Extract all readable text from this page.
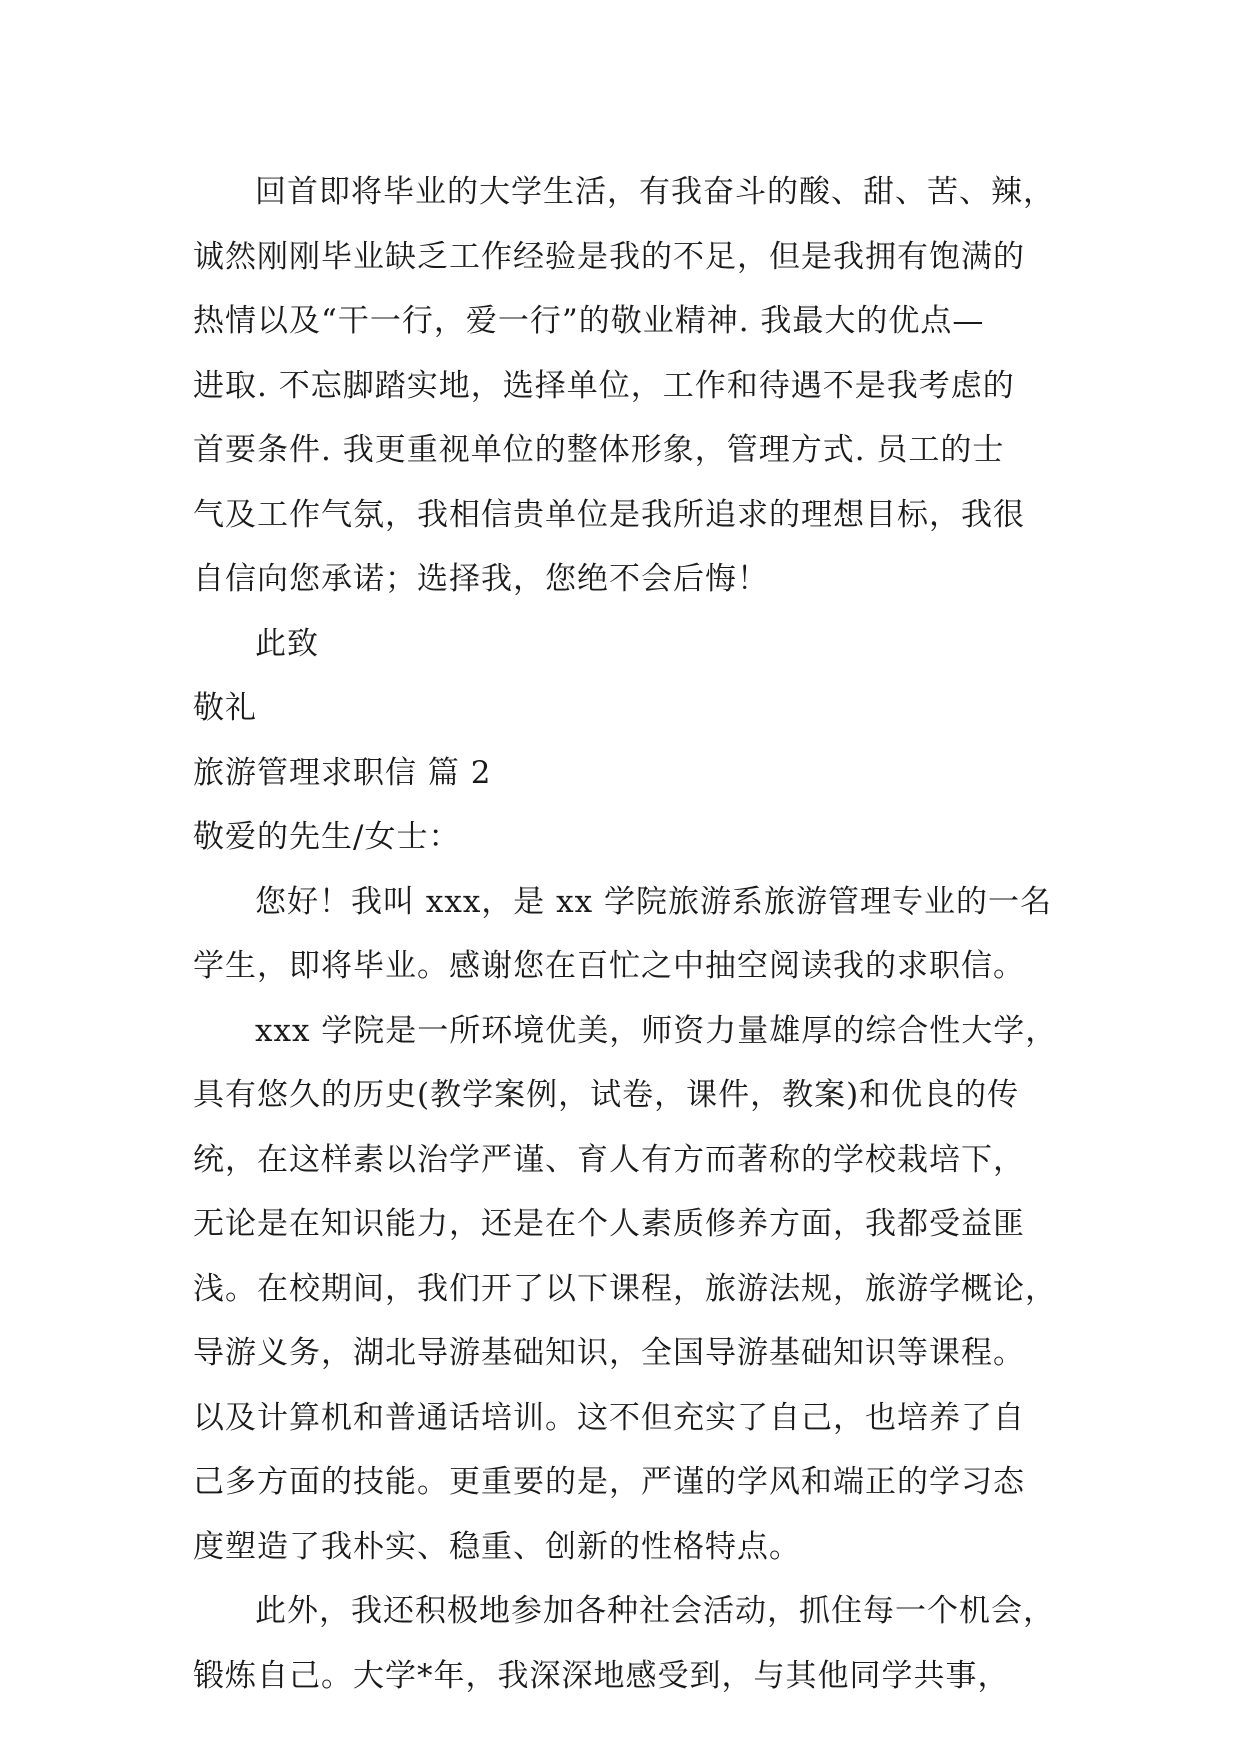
回首即将毕业的大学生活，有我奋斗的酸、甜、苦、辣，
诚然刚刚毕业缺乏工作经验是我的不足，但是我拥有饱满的
热情以及“干一行，爱一行”的敬业精神. 我最大的优点—
进取. 不忘脚踏实地，选择单位，工作和待遇不是我考虑的
首要条件. 我更重视单位的整体形象，管理方式. 员工的士
气及工作气氛，我相信贵单位是我所追求的理想目标，我很
自信向您承诺；选择我，您绝不会后悔！
此致
敬礼
旅游管理求职信 篇 2
敬爱的先生/女士：
您好！我叫 xxx，是 xx 学院旅游系旅游管理专业的一名
学生，即将毕业。感谢您在百忙之中抽空阅读我的求职信。
xxx 学院是一所环境优美，师资力量雄厚的综合性大学，
具有悠久的历史(教学案例，试卷，课件，教案)和优良的传
统，在这样素以治学严谨、育人有方而著称的学校栽培下，
无论是在知识能力，还是在个人素质修养方面，我都受益匪
浅。在校期间，我们开了以下课程，旅游法规，旅游学概论，
导游义务，湖北导游基础知识，全国导游基础知识等课程。
以及计算机和普通话培训。这不但充实了自己，也培养了自
己多方面的技能。更重要的是，严谨的学风和端正的学习态
度塑造了我朴实、稳重、创新的性格特点。
此外，我还积极地参加各种社会活动，抓住每一个机会，
锻炼自己。大学*年，我深深地感受到，与其他同学共事，
